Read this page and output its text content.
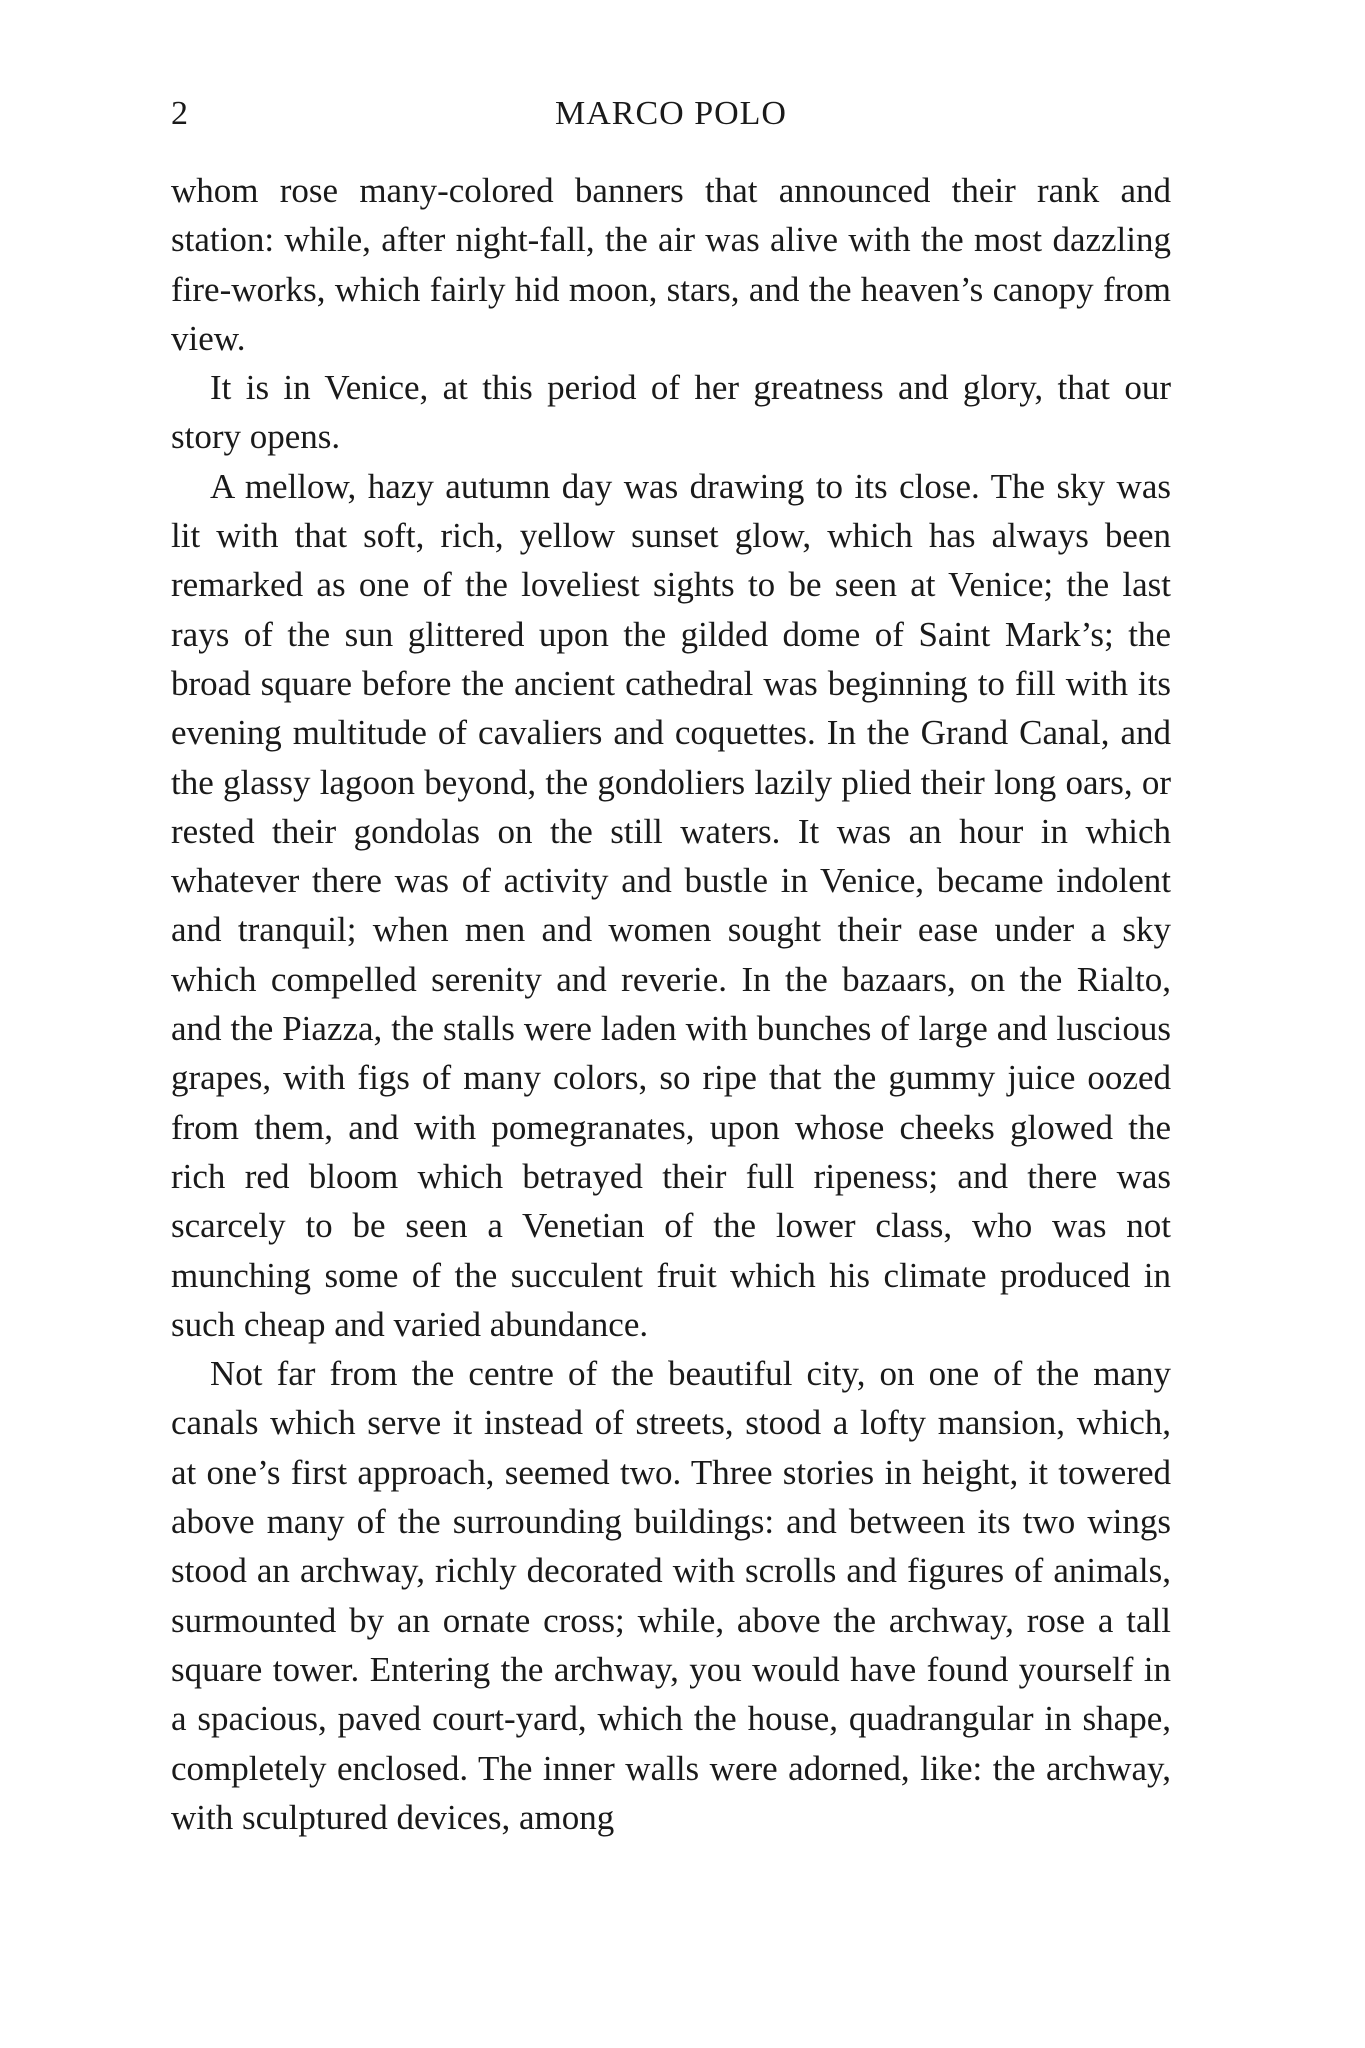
2	MARCO POLO

whom rose many-colored banners that announced their rank and station: while, after night-fall, the air was alive with the most dazzling fire-works, which fairly hid moon, stars, and the heaven’s canopy from view.

It is in Venice, at this period of her greatness and glory, that our story opens.

A mellow, hazy autumn day was drawing to its close. The sky was lit with that soft, rich, yellow sunset glow, which has always been remarked as one of the loveliest sights to be seen at Venice; the last rays of the sun glittered upon the gilded dome of Saint Mark’s; the broad square before the ancient cathedral was beginning to fill with its evening multitude of cavaliers and coquettes. In the Grand Canal, and the glassy lagoon beyond, the gondoliers lazily plied their long oars, or rested their gondolas on the still waters. It was an hour in which whatever there was of activity and bustle in Venice, became indolent and tranquil; when men and women sought their ease under a sky which compelled serenity and reverie. In the bazaars, on the Rialto, and the Piazza, the stalls were laden with bunches of large and luscious grapes, with figs of many colors, so ripe that the gummy juice oozed from them, and with pomegranates, upon whose cheeks glowed the rich red bloom which betrayed their full ripeness; and there was scarcely to be seen a Venetian of the lower class, who was not munching some of the succulent fruit which his climate produced in such cheap and varied abundance.

Not far from the centre of the beautiful city, on one of the many canals which serve it instead of streets, stood a lofty mansion, which, at one’s first approach, seemed two. Three stories in height, it towered above many of the surrounding buildings: and between its two wings stood an archway, richly decorated with scrolls and figures of animals, surmounted by an ornate cross; while, above the archway, rose a tall square tower. Entering the archway, you would have found yourself in a spacious, paved court-yard, which the house, quadrangular in shape, completely enclosed. The inner walls were adorned, like: the archway, with sculptured devices, among
